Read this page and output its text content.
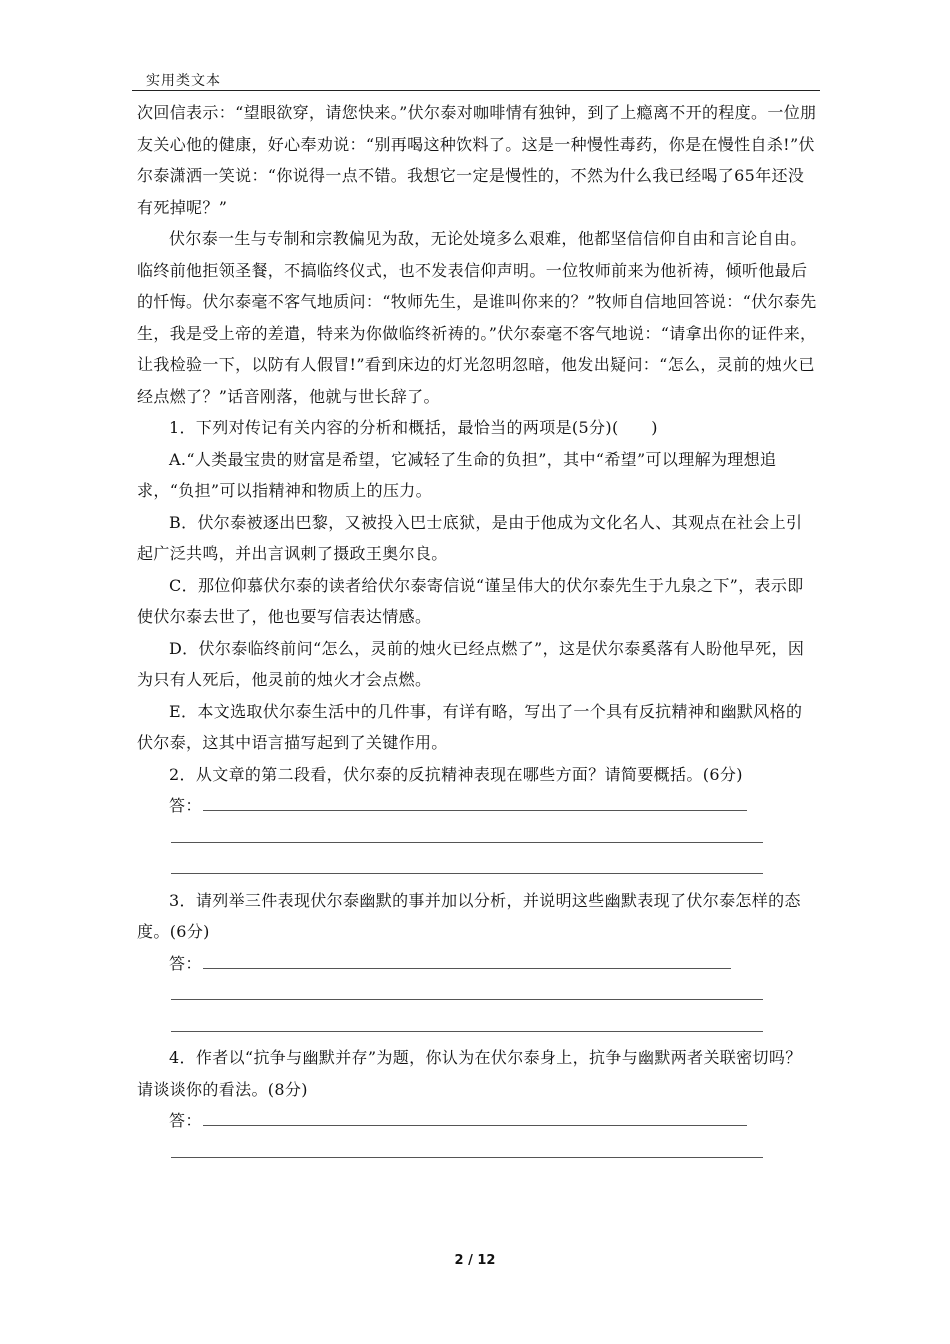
实用类文本

次回信表示：“望眼欲穿，请您快来。”伏尔泰对咖啡情有独钟，到了上瘾离不开的程度。一位朋友关心他的健康，好心奉劝说：“别再喝这种饮料了。这是一种慢性毒药，你是在慢性自杀!”伏尔泰潇洒一笑说：“你说得一点不错。我想它一定是慢性的，不然为什么我已经喝了65年还没有死掉呢？”

伏尔泰一生与专制和宗教偏见为敌，无论处境多么艰难，他都坚信信仰自由和言论自由。临终前他拒领圣餐，不搞临终仪式，也不发表信仰声明。一位牧师前来为他祈祷，倾听他最后的忏悔。伏尔泰毫不客气地质问：“牧师先生，是谁叫你来的？”牧师自信地回答说：“伏尔泰先生，我是受上帝的差遣，特来为你做临终祈祷的。”伏尔泰毫不客气地说：“请拿出你的证件来，让我检验一下，以防有人假冒!”看到床边的灯光忽明忽暗，他发出疑问：“怎么，灵前的烛火已经点燃了？”话音刚落，他就与世长辞了。

1．下列对传记有关内容的分析和概括，最恰当的两项是(5分)(　　)

A.“人类最宝贵的财富是希望，它减轻了生命的负担”，其中“希望”可以理解为理想追求，“负担”可以指精神和物质上的压力。

B．伏尔泰被逐出巴黎，又被投入巴士底狱，是由于他成为文化名人、其观点在社会上引起广泛共鸣，并出言讽刺了摄政王奥尔良。

C．那位仰慕伏尔泰的读者给伏尔泰寄信说“谨呈伟大的伏尔泰先生于九泉之下”，表示即使伏尔泰去世了，他也要写信表达情感。

D．伏尔泰临终前问“怎么，灵前的烛火已经点燃了”，这是伏尔泰奚落有人盼他早死，因为只有人死后，他灵前的烛火才会点燃。

E．本文选取伏尔泰生活中的几件事，有详有略，写出了一个具有反抗精神和幽默风格的伏尔泰，这其中语言描写起到了关键作用。

2．从文章的第二段看，伏尔泰的反抗精神表现在哪些方面？请简要概括。(6分)

答：

3．请列举三件表现伏尔泰幽默的事并加以分析，并说明这些幽默表现了伏尔泰怎样的态度。(6分)

答：

4．作者以“抗争与幽默并存”为题，你认为在伏尔泰身上，抗争与幽默两者关联密切吗？请谈谈你的看法。(8分)

答：
2 / 12
